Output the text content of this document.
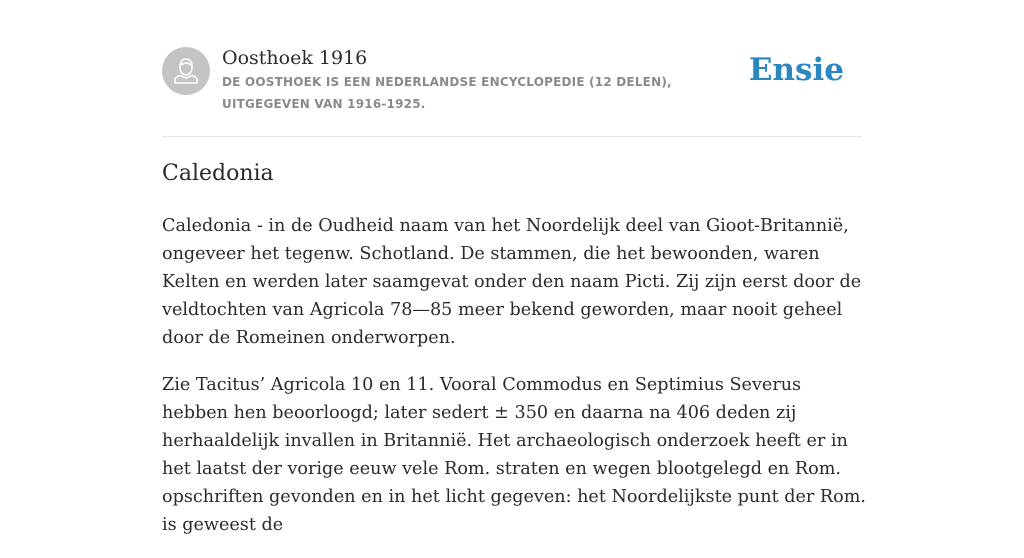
Oosthoek 1916
DE OOSTHOEK IS EEN NEDERLANDSE ENCYCLOPEDIE (12 DELEN), UITGEGEVEN VAN 1916-1925.
Ensie
Caledonia

Caledonia - in de Oudheid naam van het Noordelijk deel van Gioot-Britannië, ongeveer het tegenw. Schotland. De stammen, die het bewoonden, waren Kelten en werden later saamgevat onder den naam Picti. Zij zijn eerst door de veldtochten van Agricola 78—85 meer bekend geworden, maar nooit geheel door de Romeinen onderworpen.

Zie Tacitus’ Agricola 10 en 11. Vooral Commodus en Septimius Severus hebben hen beoorloogd; later sedert ± 350 en daarna na 406 deden zij herhaaldelijk invallen in Britannië. Het archaeologisch onderzoek heeft er in het laatst der vorige eeuw vele Rom. straten en wegen blootgelegd en Rom. opschriften gevonden en in het licht gegeven: het Noordelijkste punt der Rom. is geweest de
